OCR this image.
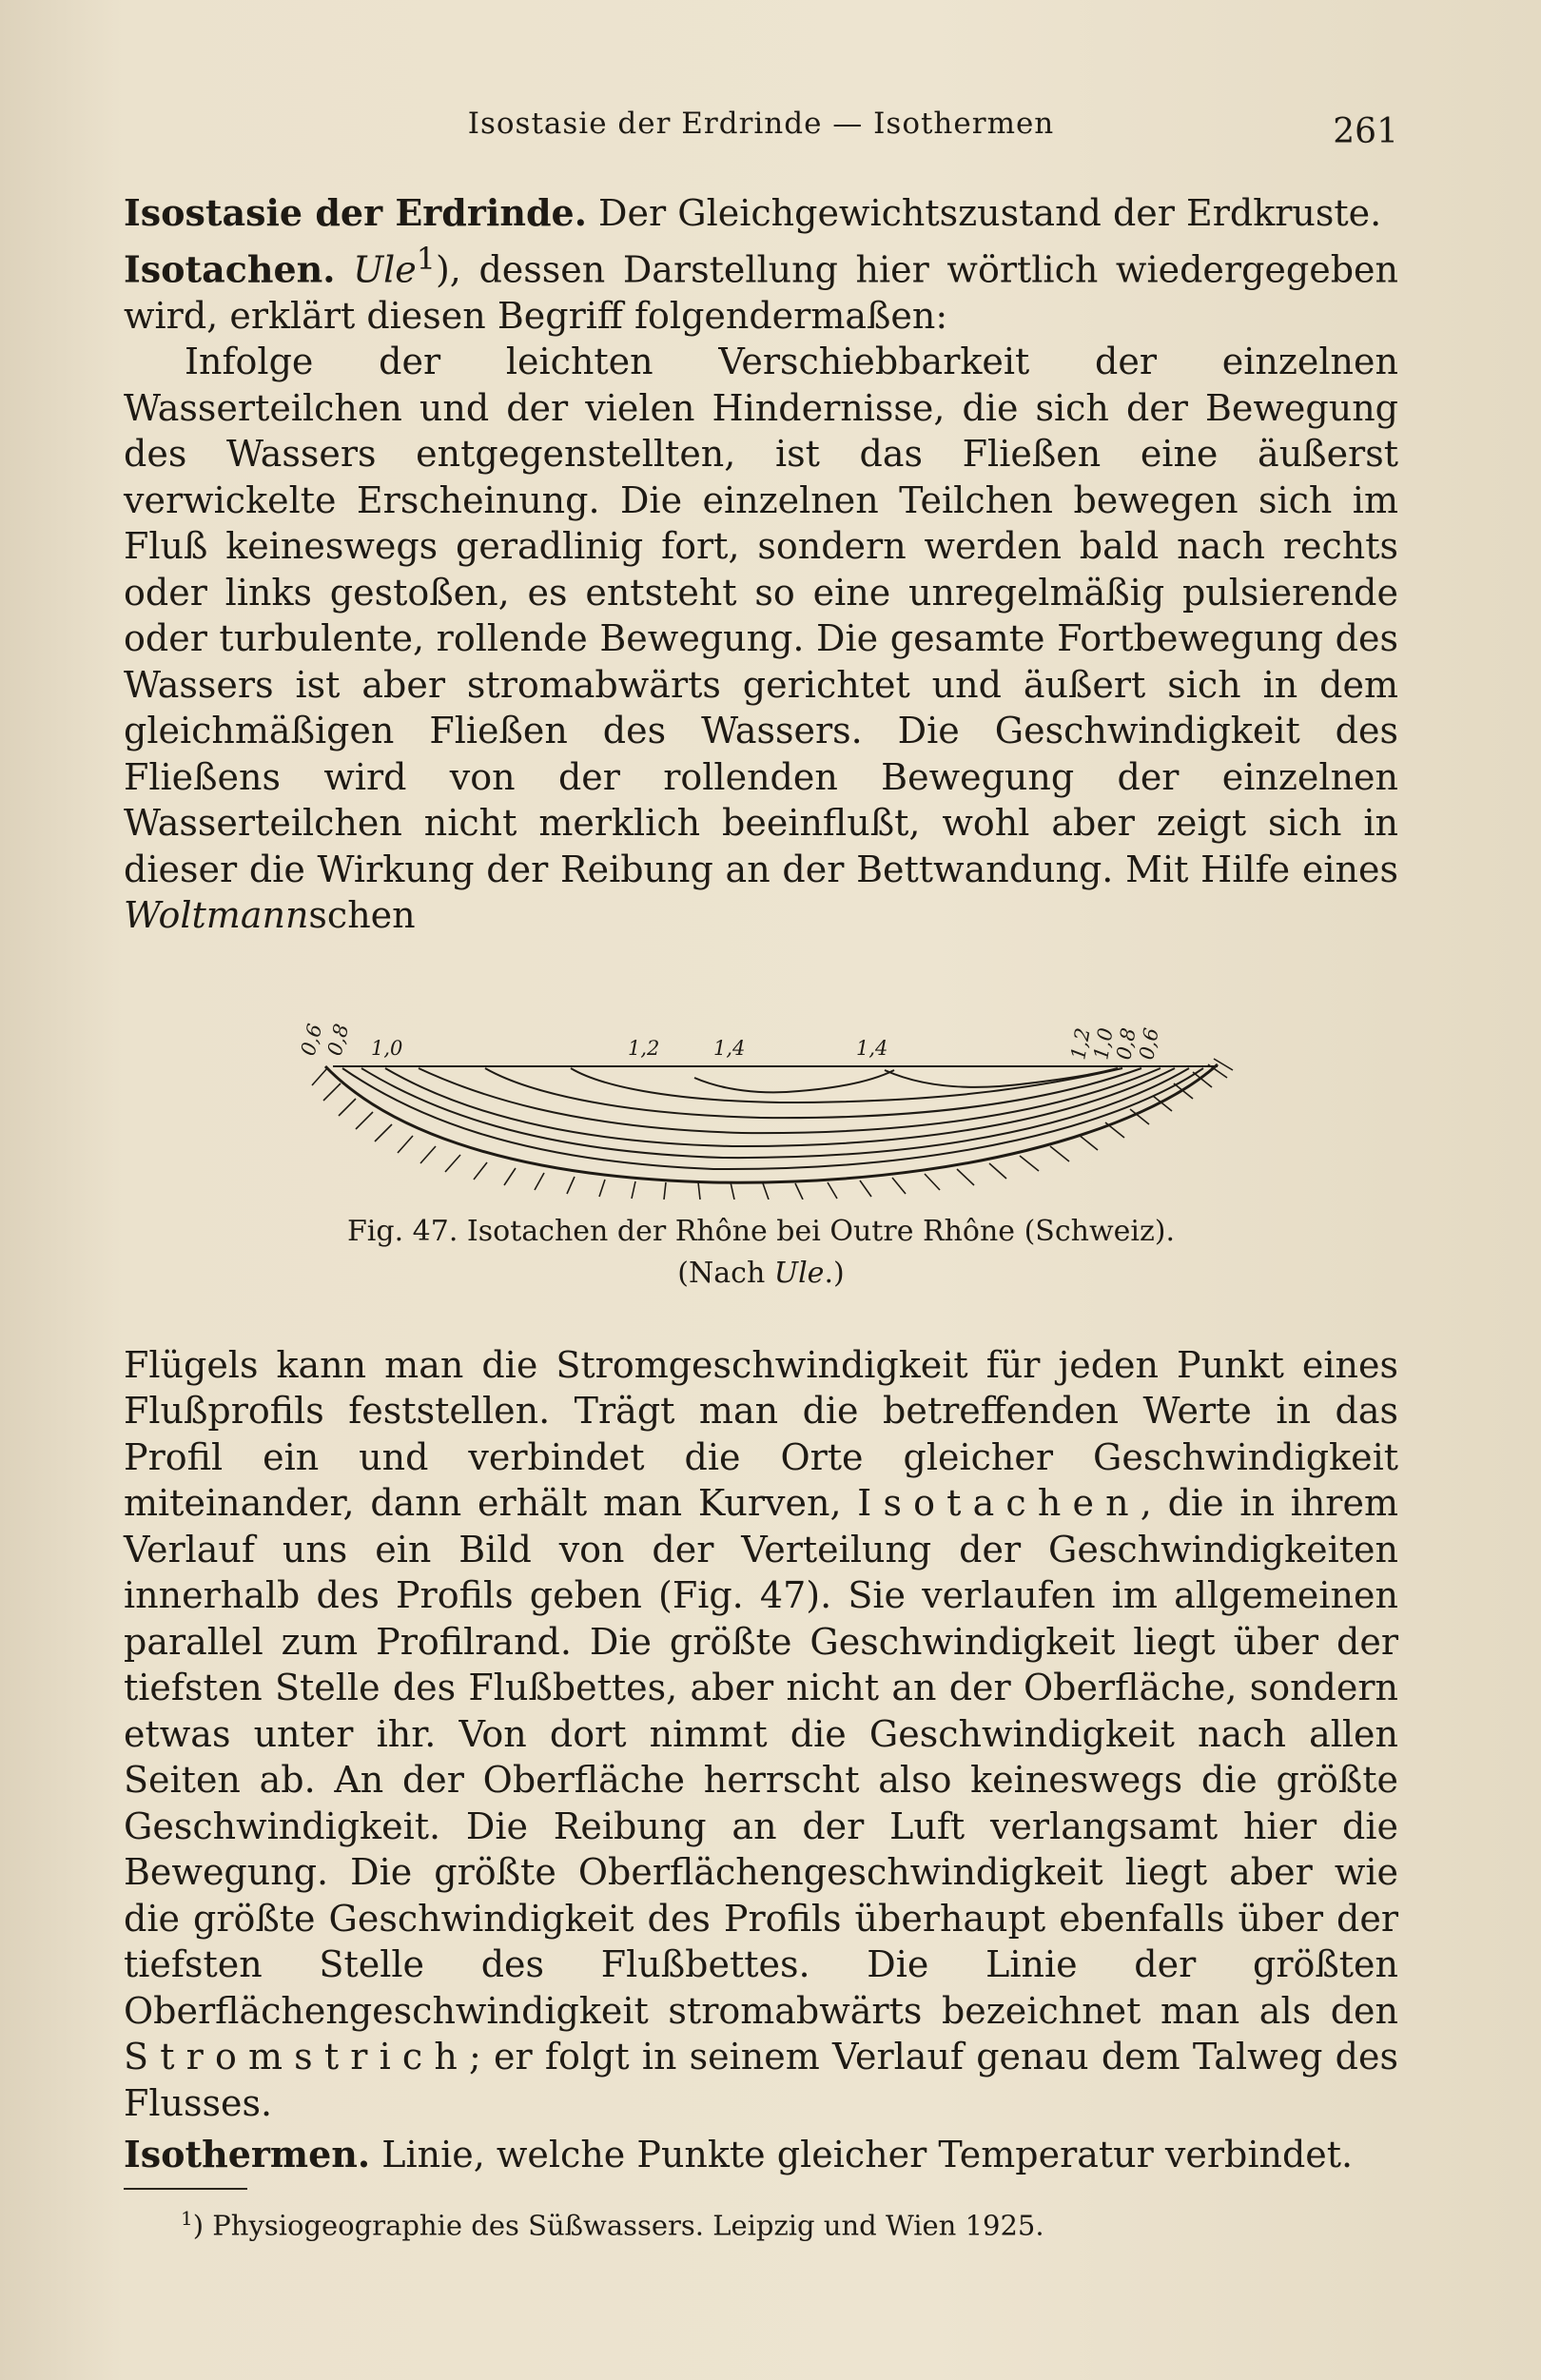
Isostasie der Erdrinde — Isothermen	261

Isostasie der Erdrinde. Der Gleichgewichtszustand der Erdkruste.

Isotachen. Ule$^1$), dessen Darstellung hier wörtlich wiedergegeben wird, erklärt diesen Begriff folgendermaßen:

Infolge der leichten Verschiebbarkeit der einzelnen Wasserteilchen und der vielen Hindernisse, die sich der Bewegung des Wassers entgegenstellten, ist das Fließen eine äußerst verwickelte Erscheinung. Die einzelnen Teilchen bewegen sich im Fluß keineswegs geradlinig fort, sondern werden bald nach rechts oder links gestoßen, es entsteht so eine unregelmäßig pulsierende oder turbulente, rollende Bewegung. Die gesamte Fortbewegung des Wassers ist aber stromabwärts gerichtet und äußert sich in dem gleichmäßigen Fließen des Wassers. Die Geschwindigkeit des Fließens wird von der rollenden Bewegung der einzelnen Wasserteilchen nicht merklich beeinflußt, wohl aber zeigt sich in dieser die Wirkung der Reibung an der Bettwandung. Mit Hilfe eines Woltmannschen

0,6
0,8 1,0	1,2	1,4	1,4	1,2
1,0
0,8
0,6
Fig. 47. Isotachen der Rhône bei Outre Rhône (Schweiz).
(Nach Ule.)

Flügels kann man die Stromgeschwindigkeit für jeden Punkt eines Flußprofils feststellen. Trägt man die betreffenden Werte in das Profil ein und verbindet die Orte gleicher Geschwindigkeit miteinander, dann erhält man Kurven, Isotachen, die in ihrem Verlauf uns ein Bild von der Verteilung der Geschwindigkeiten innerhalb des Profils geben (Fig. 47). Sie verlaufen im allgemeinen parallel zum Profilrand. Die größte Geschwindigkeit liegt über der tiefsten Stelle des Flußbettes, aber nicht an der Oberfläche, sondern etwas unter ihr. Von dort nimmt die Geschwindigkeit nach allen Seiten ab. An der Oberfläche herrscht also keineswegs die größte Geschwindigkeit. Die Reibung an der Luft verlangsamt hier die Bewegung. Die größte Oberflächengeschwindigkeit liegt aber wie die größte Geschwindigkeit des Profils überhaupt ebenfalls über der tiefsten Stelle des Flußbettes. Die Linie der größten Oberflächengeschwindigkeit stromabwärts bezeichnet man als den Stromstrich; er folgt in seinem Verlauf genau dem Talweg des Flusses.

Isothermen. Linie, welche Punkte gleicher Temperatur verbindet.

$^1$) Physiogeographie des Süßwassers. Leipzig und Wien 1925.
